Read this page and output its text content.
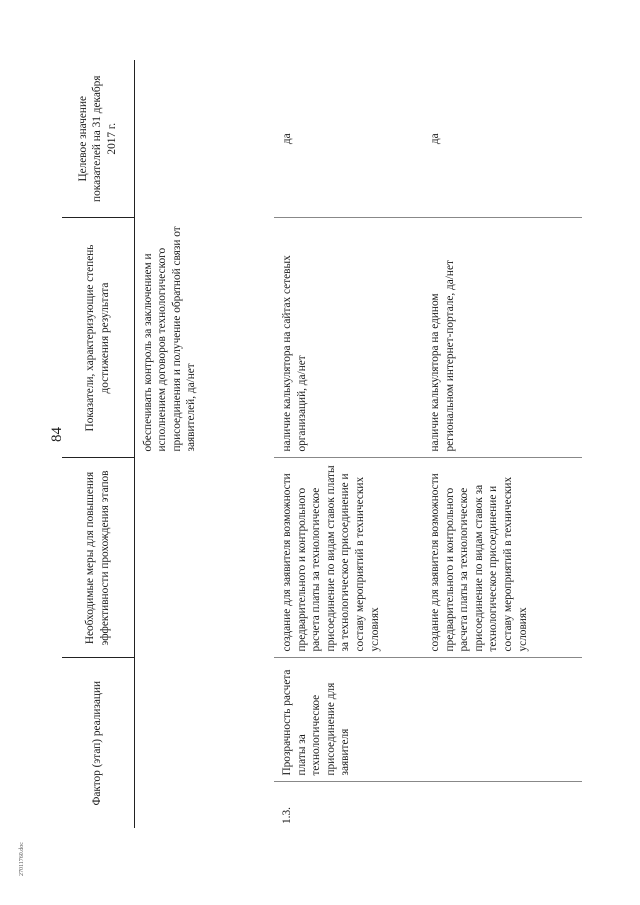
84
27011760.doc
Фактор (этап) реализации		Необходимые меры для повышения эффективности прохождения этапов	Показатели, характеризующие степень достижения результата	Целевое значение показателей на 31 декабря 2017 г.
			обеспечивать контроль за заключением и исполнением договоров технологического присоединения и получение обратной связи от заявителей, да/нет	
1.3.	Прозрачность расчета платы за технологическое присоединение для заявителя	создание для заявителя возможности предварительного и контрольного расчета платы за технологическое присоединение по видам ставок платы за технологическое присоединение и составу мероприятий в технических условиях	наличие калькулятора на сайтах сетевых организаций, да/нет	да
		создание для заявителя возможности предварительного и контрольного расчета платы за технологическое присоединение по видам ставок за технологическое присоединение и составу мероприятий в технических условиях	наличие калькулятора на едином региональном интернет-портале, да/нет	да
